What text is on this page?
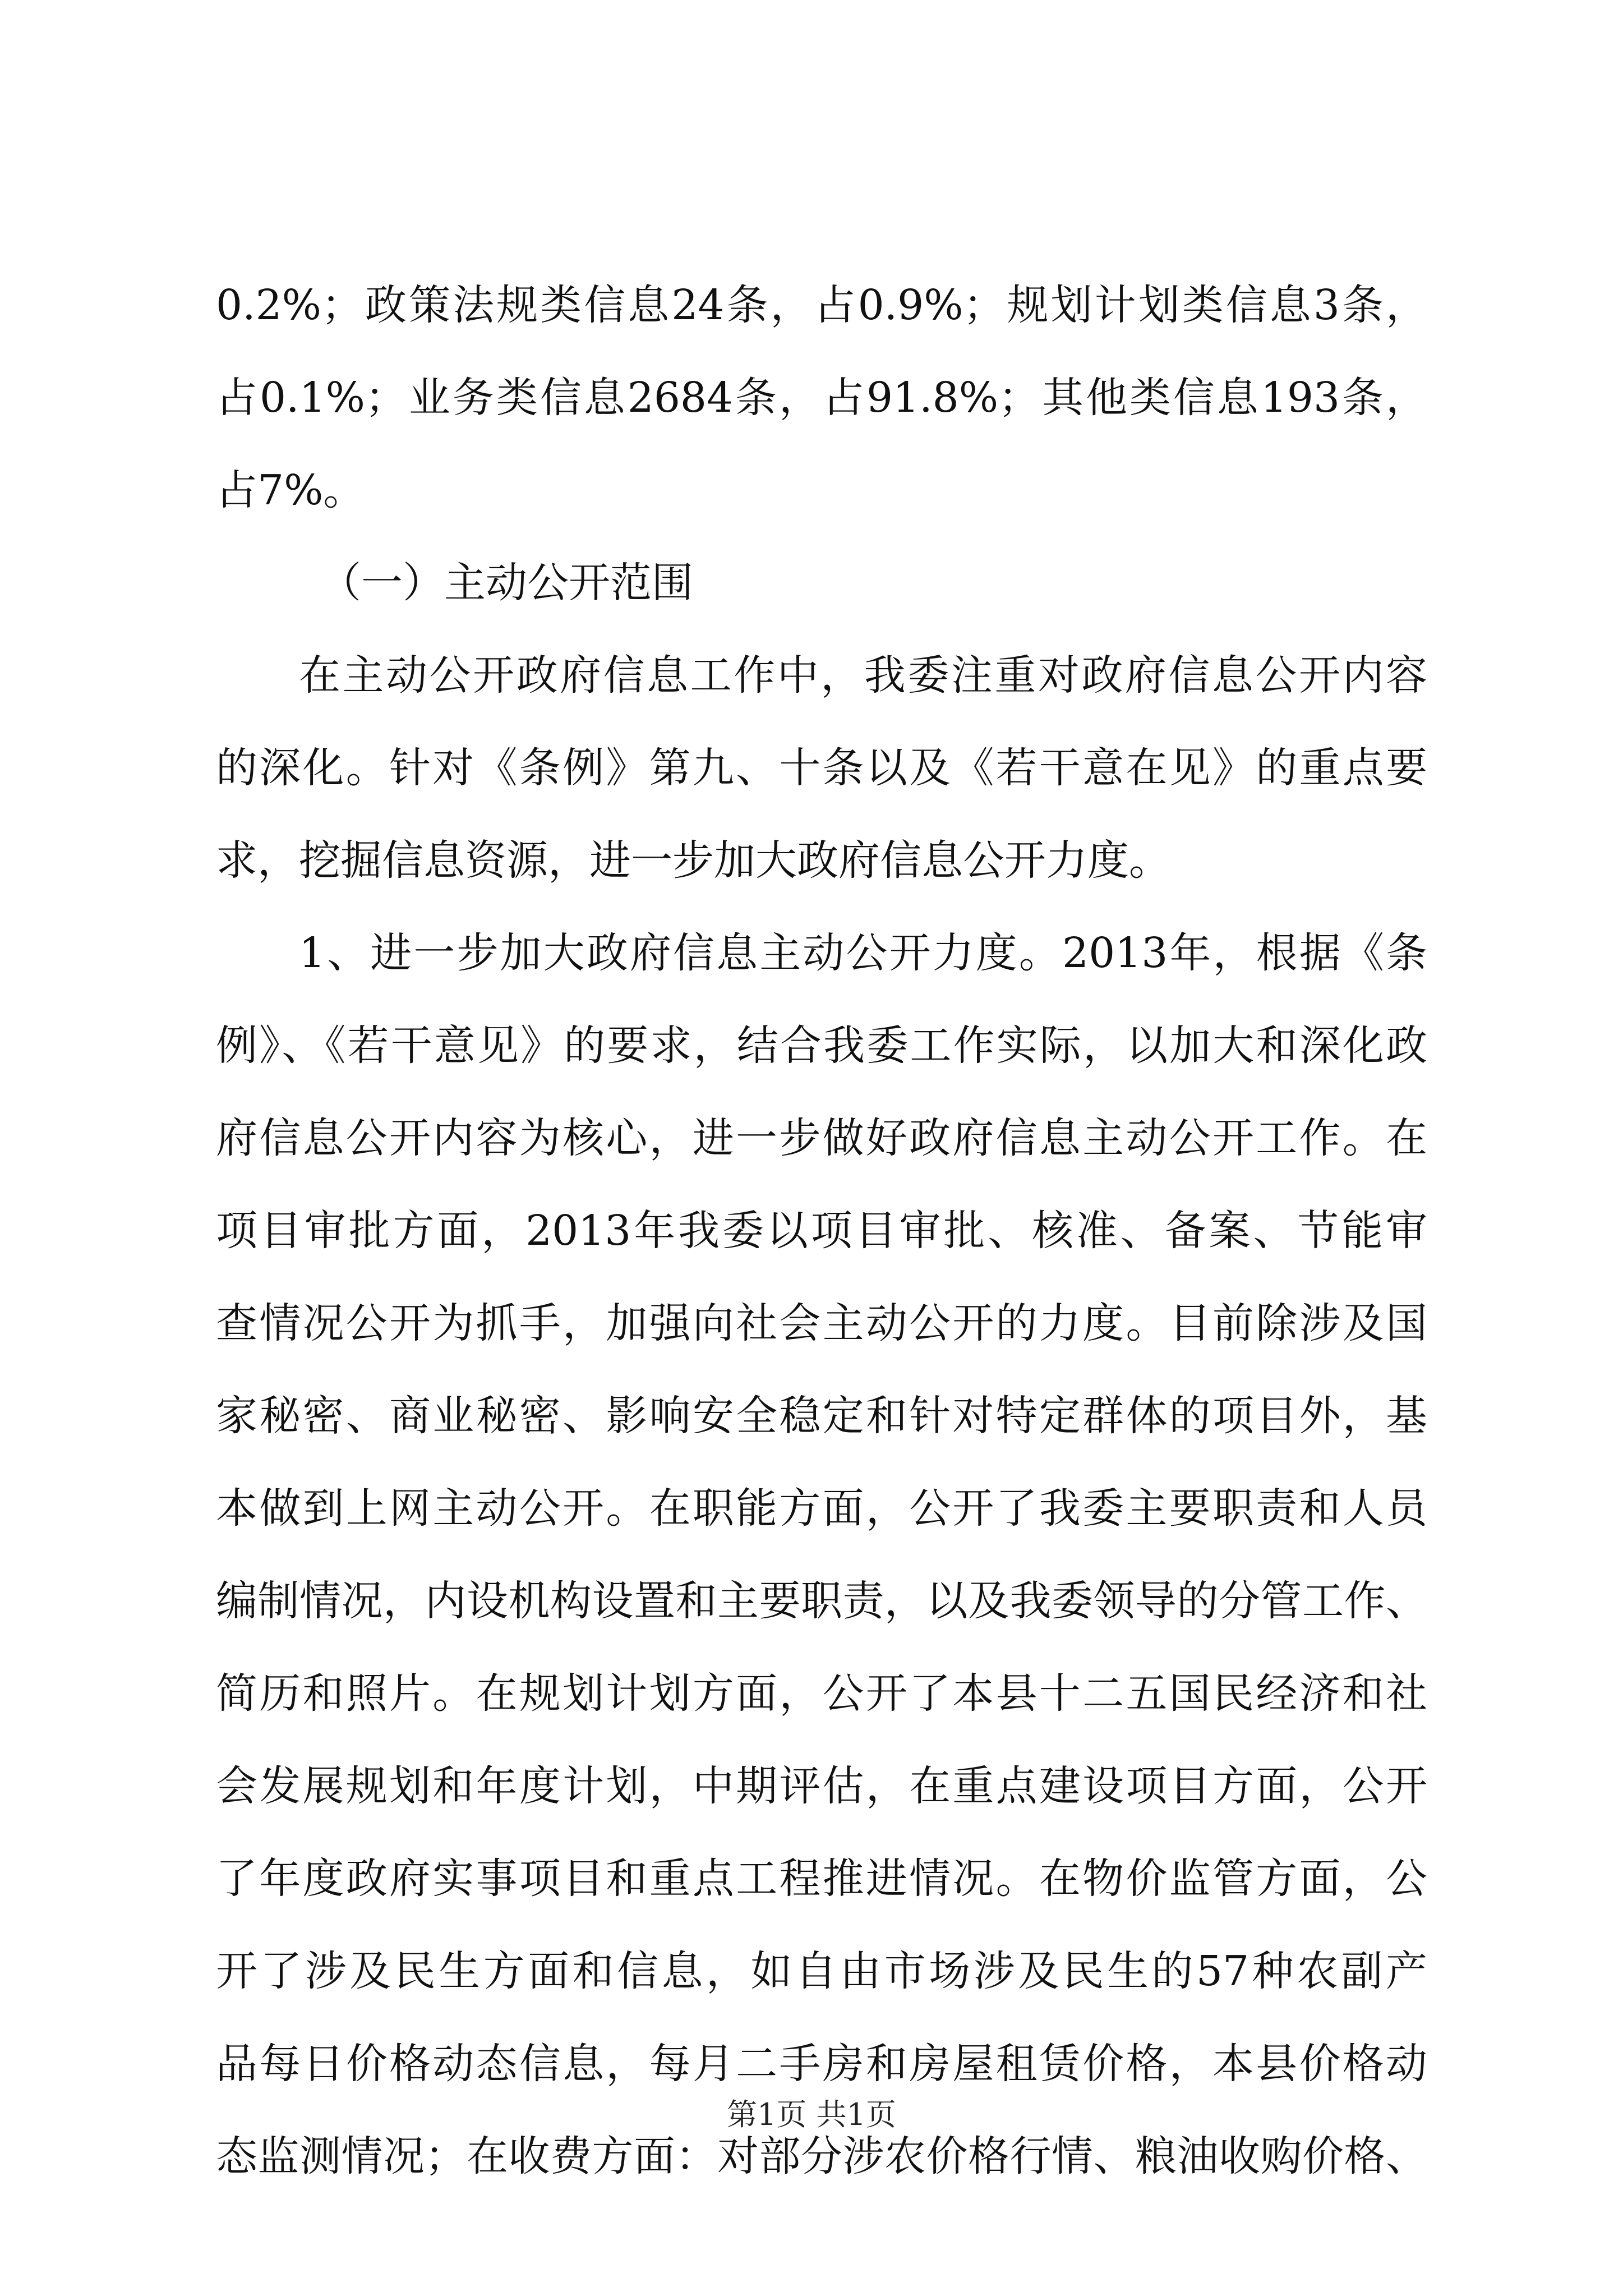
0.2%；政策法规类信息24条，占0.9%；规划计划类信息3条，
占0.1%；业务类信息2684条，占91.8%；其他类信息193条，
占7%。
（一）主动公开范围
在主动公开政府信息工作中，我委注重对政府信息公开内容
的深化。针对《条例》第九、十条以及《若干意在见》的重点要
求，挖掘信息资源，进一步加大政府信息公开力度。
1、进一步加大政府信息主动公开力度。2013年，根据《条
例》、《若干意见》的要求，结合我委工作实际，以加大和深化政
府信息公开内容为核心，进一步做好政府信息主动公开工作。在
项目审批方面，2013年我委以项目审批、核准、备案、节能审
查情况公开为抓手，加强向社会主动公开的力度。目前除涉及国
家秘密、商业秘密、影响安全稳定和针对特定群体的项目外，基
本做到上网主动公开。在职能方面，公开了我委主要职责和人员
编制情况，内设机构设置和主要职责，以及我委领导的分管工作、
简历和照片。在规划计划方面，公开了本县十二五国民经济和社
会发展规划和年度计划，中期评估，在重点建设项目方面，公开
了年度政府实事项目和重点工程推进情况。在物价监管方面，公
开了涉及民生方面和信息，如自由市场涉及民生的57种农副产
品每日价格动态信息，每月二手房和房屋租赁价格，本县价格动
态监测情况；在收费方面：对部分涉农价格行情、粮油收购价格、
第1页 共1页
